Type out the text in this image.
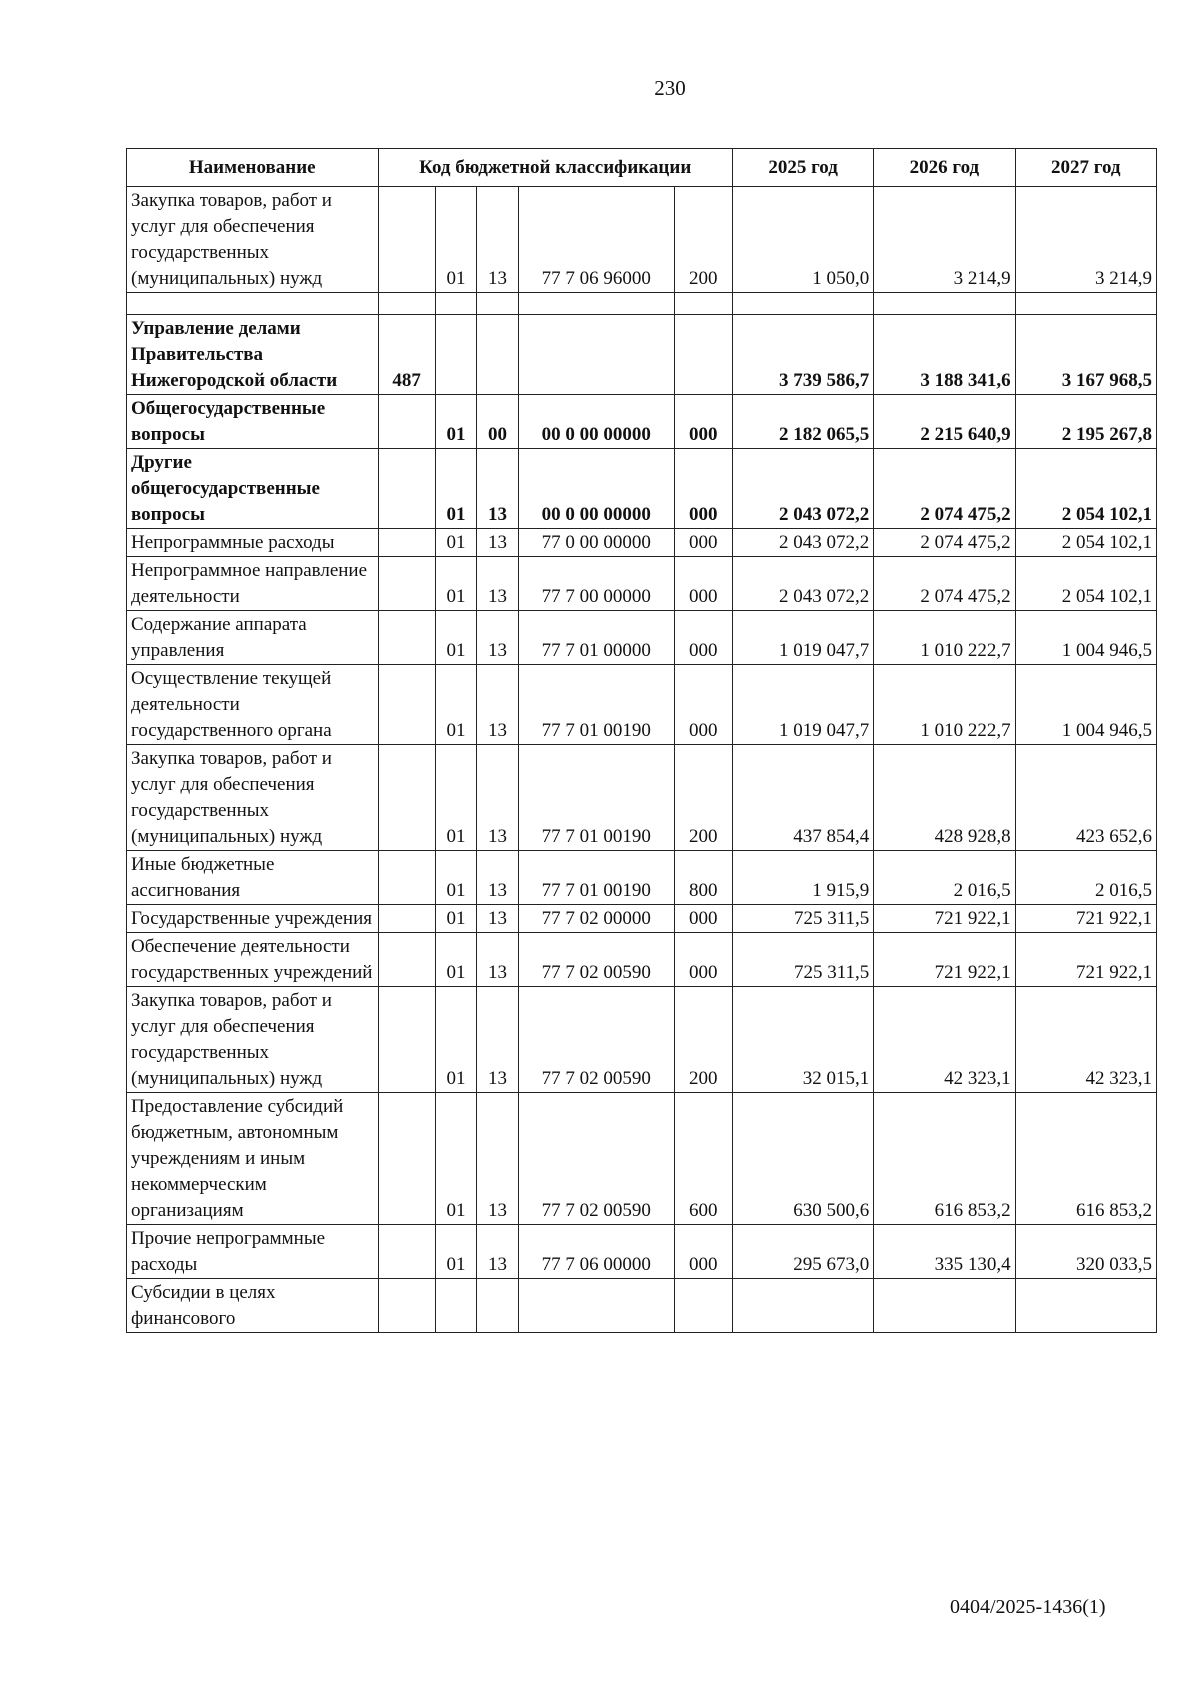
230
Наименование	Код бюджетной классификации					2025 год	2026 год	2027 год
Закупка товаров, работ и услуг для обеспечения государственных (муниципальных) нужд		01	13	77 7 06 96000	200	1 050,0	3 214,9	3 214,9

Управление делами Правительства Нижегородской области	487					3 739 586,7	3 188 341,6	3 167 968,5
Общегосударственные вопросы		01	00	00 0 00 00000	000	2 182 065,5	2 215 640,9	2 195 267,8
Другие общегосударственные вопросы		01	13	00 0 00 00000	000	2 043 072,2	2 074 475,2	2 054 102,1
Непрограммные расходы		01	13	77 0 00 00000	000	2 043 072,2	2 074 475,2	2 054 102,1
Непрограммное направление деятельности		01	13	77 7 00 00000	000	2 043 072,2	2 074 475,2	2 054 102,1
Содержание аппарата управления		01	13	77 7 01 00000	000	1 019 047,7	1 010 222,7	1 004 946,5
Осуществление текущей деятельности государственного органа		01	13	77 7 01 00190	000	1 019 047,7	1 010 222,7	1 004 946,5
Закупка товаров, работ и услуг для обеспечения государственных (муниципальных) нужд		01	13	77 7 01 00190	200	437 854,4	428 928,8	423 652,6
Иные бюджетные ассигнования		01	13	77 7 01 00190	800	1 915,9	2 016,5	2 016,5
Государственные учреждения		01	13	77 7 02 00000	000	725 311,5	721 922,1	721 922,1
Обеспечение деятельности государственных учреждений		01	13	77 7 02 00590	000	725 311,5	721 922,1	721 922,1
Закупка товаров, работ и услуг для обеспечения государственных (муниципальных) нужд		01	13	77 7 02 00590	200	32 015,1	42 323,1	42 323,1
Предоставление субсидий бюджетным, автономным учреждениям и иным некоммерческим организациям		01	13	77 7 02 00590	600	630 500,6	616 853,2	616 853,2
Прочие непрограммные расходы		01	13	77 7 06 00000	000	295 673,0	335 130,4	320 033,5
Субсидии в целях финансового								
0404/2025-1436(1)
